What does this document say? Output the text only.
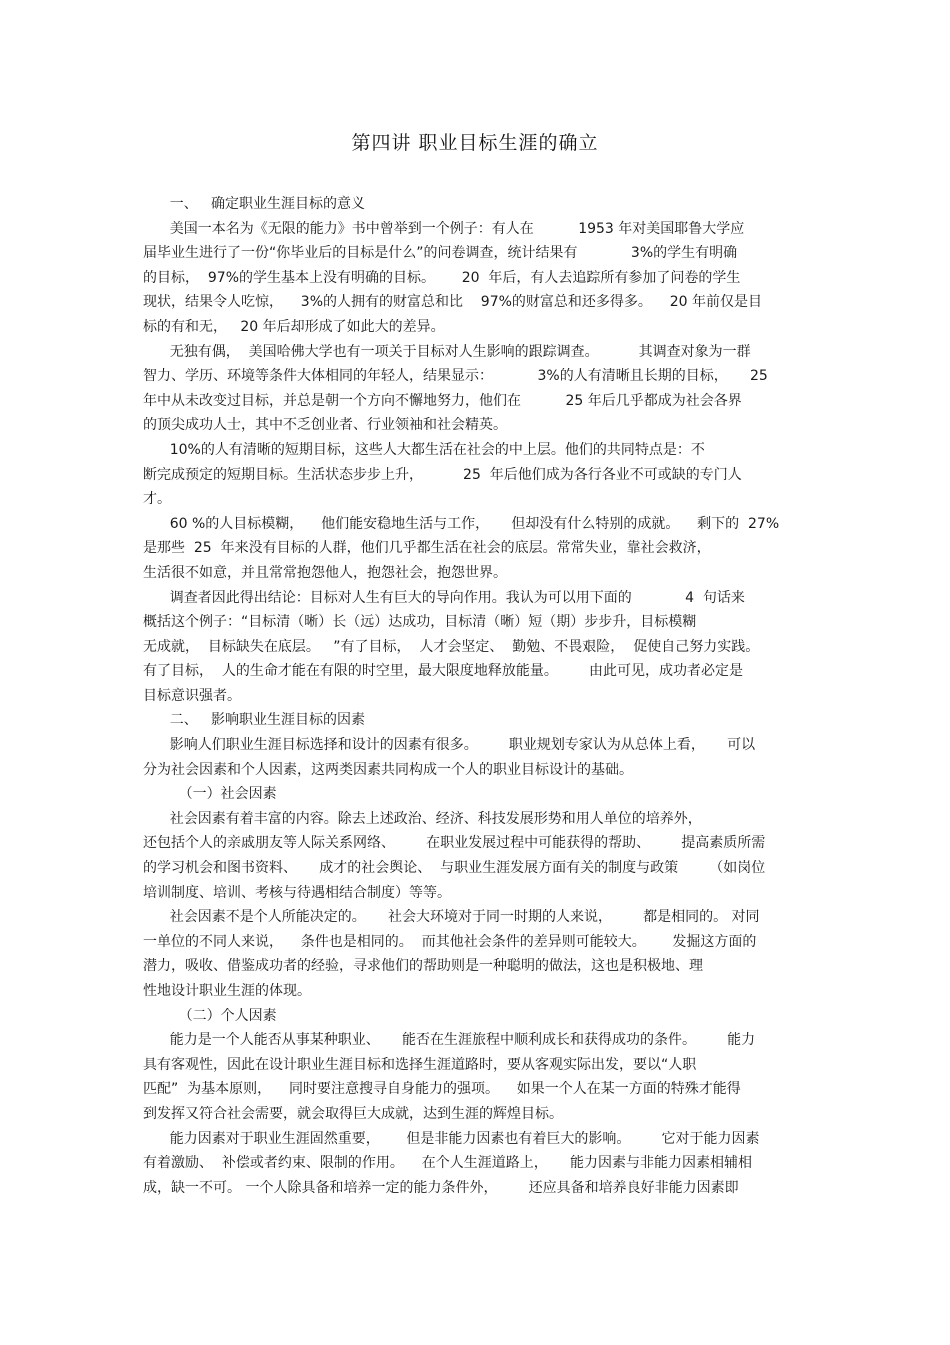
第四讲 职业目标生涯的确立
一、   确定职业生涯目标的意义
美国一本名为《无限的能力》书中曾举到一个例子：有人在          1953 年对美国耶鲁大学应
届毕业生进行了一份“你毕业后的目标是什么”的问卷调查，统计结果有            3%的学生有明确
的目标，  97%的学生基本上没有明确的目标。      20  年后，有人去追踪所有参加了问卷的学生
现状，结果令人吃惊，    3%的人拥有的财富总和比    97%的财富总和还多得多。    20 年前仅是目
标的有和无，   20 年后却形成了如此大的差异。
无独有偶，  美国哈佛大学也有一项关于目标对人生影响的跟踪调查。         其调查对象为一群
智力、学历、环境等条件大体相同的年轻人，结果显示：          3%的人有清晰且长期的目标，     25
年中从未改变过目标，并总是朝一个方向不懈地努力，他们在          25 年后几乎都成为社会各界
的顶尖成功人士，其中不乏创业者、行业领袖和社会精英。
10%的人有清晰的短期目标，这些人大都生活在社会的中上层。他们的共同特点是：不
断完成预定的短期目标。生活状态步步上升，         25  年后他们成为各行各业不可或缺的专门人
才。
60 %的人目标模糊，    他们能安稳地生活与工作，     但却没有什么特别的成就。    剩下的  27%
是那些  25  年来没有目标的人群，他们几乎都生活在社会的底层。常常失业，靠社会救济，
生活很不如意，并且常常抱怨他人，抱怨社会，抱怨世界。
调查者因此得出结论：目标对人生有巨大的导向作用。我认为可以用下面的            4  句话来
概括这个例子：“目标清（晰）长（远）达成功，目标清（晰）短（期）步步升，目标模糊
无成就，  目标缺失在底层。   ”有了目标，  人才会坚定、  勤勉、不畏艰险，  促使自己努力实践。
有了目标，  人的生命才能在有限的时空里，最大限度地释放能量。       由此可见，成功者必定是
目标意识强者。
二、   影响职业生涯目标的因素
影响人们职业生涯目标选择和设计的因素有很多。       职业规划专家认为从总体上看，     可以
分为社会因素和个人因素，这两类因素共同构成一个人的职业目标设计的基础。
（一）社会因素
社会因素有着丰富的内容。除去上述政治、经济、科技发展形势和用人单位的培养外，
还包括个人的亲戚朋友等人际关系网络、       在职业发展过程中可能获得的帮助、       提高素质所需
的学习机会和图书资料、     成才的社会舆论、  与职业生涯发展方面有关的制度与政策       （如岗位
培训制度、培训、考核与待遇相结合制度）等等。
社会因素不是个人所能决定的。     社会大环境对于同一时期的人来说，       都是相同的。 对同
一单位的不同人来说，    条件也是相同的。  而其他社会条件的差异则可能较大。      发掘这方面的
潜力，吸收、借鉴成功者的经验，寻求他们的帮助则是一种聪明的做法，这也是积极地、理
性地设计职业生涯的体现。
（二）个人因素
能力是一个人能否从事某种职业、     能否在生涯旅程中顺利成长和获得成功的条件。       能力
具有客观性，因此在设计职业生涯目标和选择生涯道路时，要从客观实际出发，要以“人职
匹配”  为基本原则，    同时要注意搜寻自身能力的强项。    如果一个人在某一方面的特殊才能得
到发挥又符合社会需要，就会取得巨大成就，达到生涯的辉煌目标。
能力因素对于职业生涯固然重要，      但是非能力因素也有着巨大的影响。       它对于能力因素
有着激励、  补偿或者约束、限制的作用。    在个人生涯道路上，     能力因素与非能力因素相辅相
成，缺一不可。 一个人除具备和培养一定的能力条件外，       还应具备和培养良好非能力因素即
